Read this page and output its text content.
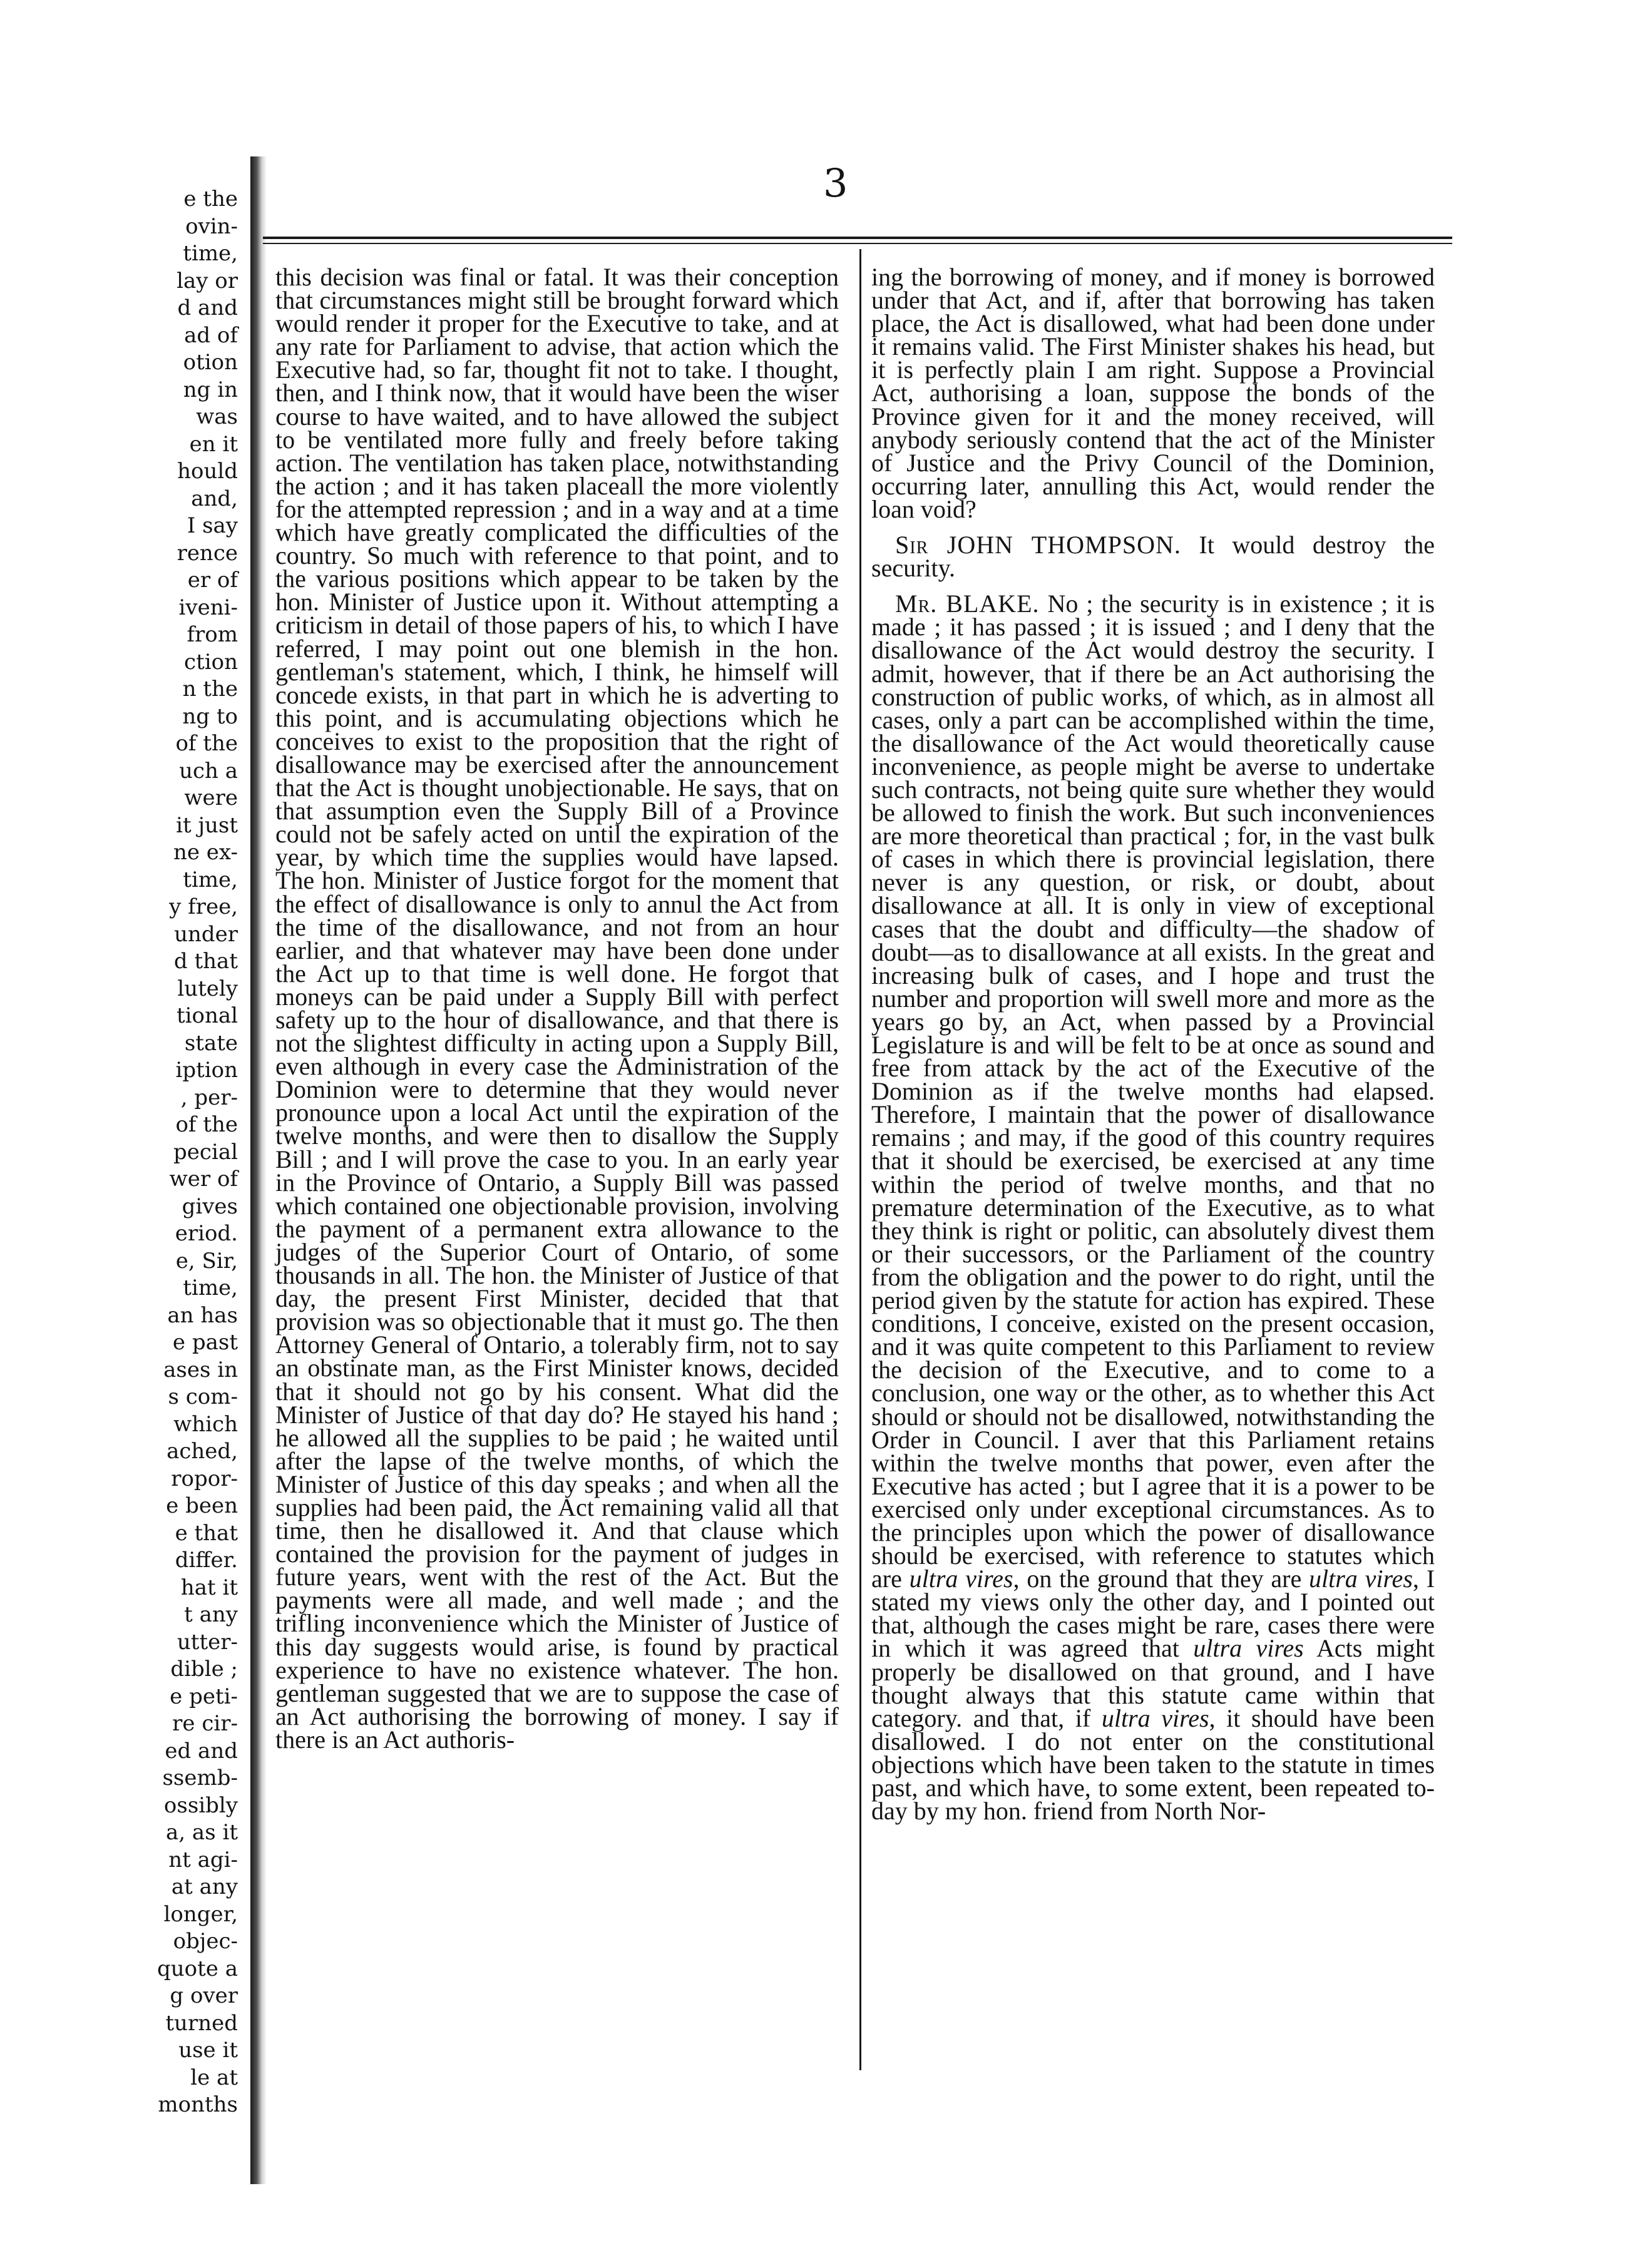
e the
ovin-
time,
lay or
d and
ad of
otion
ng in
was
en it
hould
and,
I say
rence
er of
iveni-
from
ction
n the
ng to
of the
uch a
were
it just
ne ex-
time,
y free,
under
d that
lutely
tional
state
iption
, per-
of the
pecial
wer of
gives
eriod.
e, Sir,
time,
an has
e past
ases in
s com-
which
ached,
ropor-
e been
e that
differ.
hat it
t any
utter-
dible ;
e peti-
re cir-
ed and
ssemb-
ossibly
a, as it
nt agi-
at any
longer,
objec-
quote a
g over
turned
use it
le at
months
3

this decision was final or fatal. It was their conception that circumstances might still be brought forward which would render it proper for the Executive to take, and at any rate for Parliament to advise, that action which the Executive had, so far, thought fit not to take. I thought, then, and I think now, that it would have been the wiser course to have waited, and to have allowed the subject to be ventilated more fully and freely before taking action. The ventilation has taken place, notwithstanding the action ; and it has taken placeall the more violently for the attempted repression ; and in a way and at a time which have greatly complicated the difficulties of the country. So much with reference to that point, and to the various positions which appear to be taken by the hon. Minister of Justice upon it. Without attempting a criticism in detail of those papers of his, to which I have referred, I may point out one blemish in the hon. gentleman's statement, which, I think, he himself will concede exists, in that part in which he is adverting to this point, and is accumulating objections which he conceives to exist to the proposition that the right of disallowance may be exercised after the announcement that the Act is thought unobjectionable. He says, that on that assumption even the Supply Bill of a Province could not be safely acted on until the expiration of the year, by which time the supplies would have lapsed. The hon. Minister of Justice forgot for the moment that the effect of disallowance is only to annul the Act from the time of the disallowance, and not from an hour earlier, and that whatever may have been done under the Act up to that time is well done. He forgot that moneys can be paid under a Supply Bill with perfect safety up to the hour of disallowance, and that there is not the slightest difficulty in acting upon a Supply Bill, even although in every case the Administration of the Dominion were to determine that they would never pronounce upon a local Act until the expiration of the twelve months, and were then to disallow the Supply Bill ; and I will prove the case to you. In an early year in the Province of Ontario, a Supply Bill was passed which contained one objectionable provision, involving the payment of a permanent extra allowance to the judges of the Superior Court of Ontario, of some thousands in all. The hon. the Minister of Justice of that day, the present First Minister, decided that that provision was so objectionable that it must go. The then Attorney General of Ontario, a tolerably firm, not to say an obstinate man, as the First Minister knows, decided that it should not go by his consent. What did the Minister of Justice of that day do? He stayed his hand ; he allowed all the supplies to be paid ; he waited until after the lapse of the twelve months, of which the Minister of Justice of this day speaks ; and when all the supplies had been paid, the Act remaining valid all that time, then he disallowed it. And that clause which contained the provision for the payment of judges in future years, went with the rest of the Act. But the payments were all made, and well made ; and the trifling inconvenience which the Minister of Justice of this day suggests would arise, is found by practical experience to have no existence whatever. The hon. gentleman suggested that we are to suppose the case of an Act authorising the borrowing of money. I say if there is an Act authoris-

ing the borrowing of money, and if money is borrowed under that Act, and if, after that borrowing has taken place, the Act is disallowed, what had been done under it remains valid. The First Minister shakes his head, but it is perfectly plain I am right. Suppose a Provincial Act, authorising a loan, suppose the bonds of the Province given for it and the money received, will anybody seriously contend that the act of the Minister of Justice and the Privy Council of the Dominion, occurring later, annulling this Act, would render the loan void?

Sir JOHN THOMPSON. It would destroy the security.

Mr. BLAKE. No ; the security is in existence ; it is made ; it has passed ; it is issued ; and I deny that the disallowance of the Act would destroy the security. I admit, however, that if there be an Act authorising the construction of public works, of which, as in almost all cases, only a part can be accomplished within the time, the disallowance of the Act would theoretically cause inconvenience, as people might be averse to undertake such contracts, not being quite sure whether they would be allowed to finish the work. But such inconveniences are more theoretical than practical ; for, in the vast bulk of cases in which there is provincial legislation, there never is any question, or risk, or doubt, about disallowance at all. It is only in view of exceptional cases that the doubt and difficulty—the shadow of doubt—as to disallowance at all exists. In the great and increasing bulk of cases, and I hope and trust the number and proportion will swell more and more as the years go by, an Act, when passed by a Provincial Legislature is and will be felt to be at once as sound and free from attack by the act of the Executive of the Dominion as if the twelve months had elapsed. Therefore, I maintain that the power of disallowance remains ; and may, if the good of this country requires that it should be exercised, be exercised at any time within the period of twelve months, and that no premature determination of the Executive, as to what they think is right or politic, can absolutely divest them or their successors, or the Parliament of the country from the obligation and the power to do right, until the period given by the statute for action has expired. These conditions, I conceive, existed on the present occasion, and it was quite competent to this Parliament to review the decision of the Executive, and to come to a conclusion, one way or the other, as to whether this Act should or should not be disallowed, notwithstanding the Order in Council. I aver that this Parliament retains within the twelve months that power, even after the Executive has acted ; but I agree that it is a power to be exercised only under exceptional circumstances. As to the principles upon which the power of disallowance should be exercised, with reference to statutes which are ultra vires, on the ground that they are ultra vires, I stated my views only the other day, and I pointed out that, although the cases might be rare, cases there were in which it was agreed that ultra vires Acts might properly be disallowed on that ground, and I have thought always that this statute came within that category. and that, if ultra vires, it should have been disallowed. I do not enter on the constitutional objections which have been taken to the statute in times past, and which have, to some extent, been repeated to-day by my hon. friend from North Nor-
